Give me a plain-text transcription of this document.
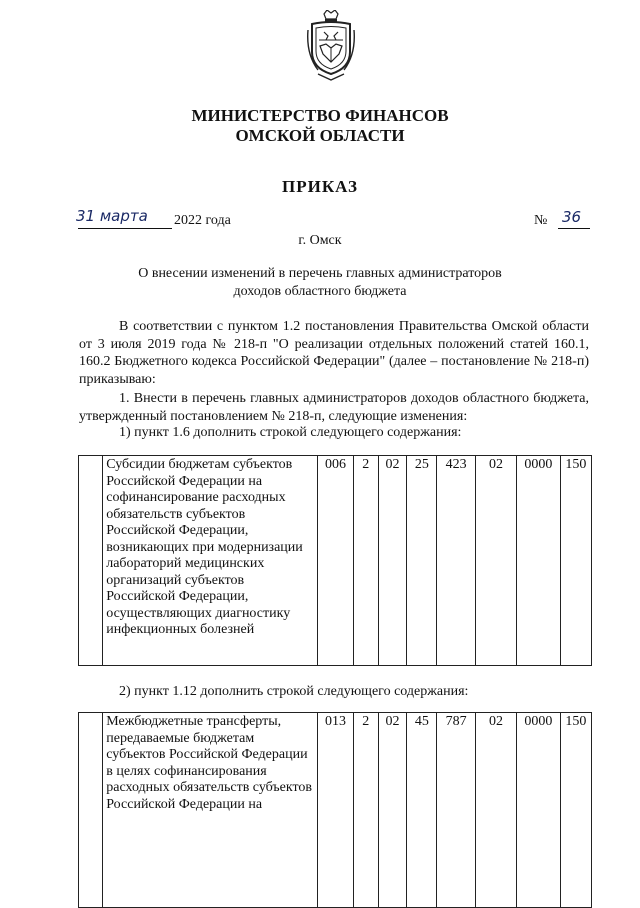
МИНИСТЕРСТВО ФИНАНСОВ
ОМСКОЙ ОБЛАСТИ
ПРИКАЗ
31 марта 2022 года	№ 36
г. Омск
О внесении изменений в перечень главных администраторов
доходов областного бюджета
В соответствии с пунктом 1.2 постановления Правительства Омской области от 3 июля 2019 года № 218-п "О реализации отдельных положений статей 160.1, 160.2 Бюджетного кодекса Российской Федерации" (далее – постановление № 218-п) приказываю:
1. Внести в перечень главных администраторов доходов областного бюджета, утвержденный постановлением № 218-п, следующие изменения:
1) пункт 1.6 дополнить строкой следующего содержания:
	Субсидии бюджетам субъектов Российской Федерации на софинансирование расходных обязательств субъектов Российской Федерации, возникающих при модернизации лабораторий медицинских организаций субъектов Российской Федерации, осуществляющих диагностику инфекционных болезней	006	2	02	25	423	02	0000	150
2) пункт 1.12 дополнить строкой следующего содержания:
	Межбюджетные трансферты, передаваемые бюджетам субъектов Российской Федерации в целях софинансирования расходных обязательств субъектов Российской Федерации на	013	2	02	45	787	02	0000	150
